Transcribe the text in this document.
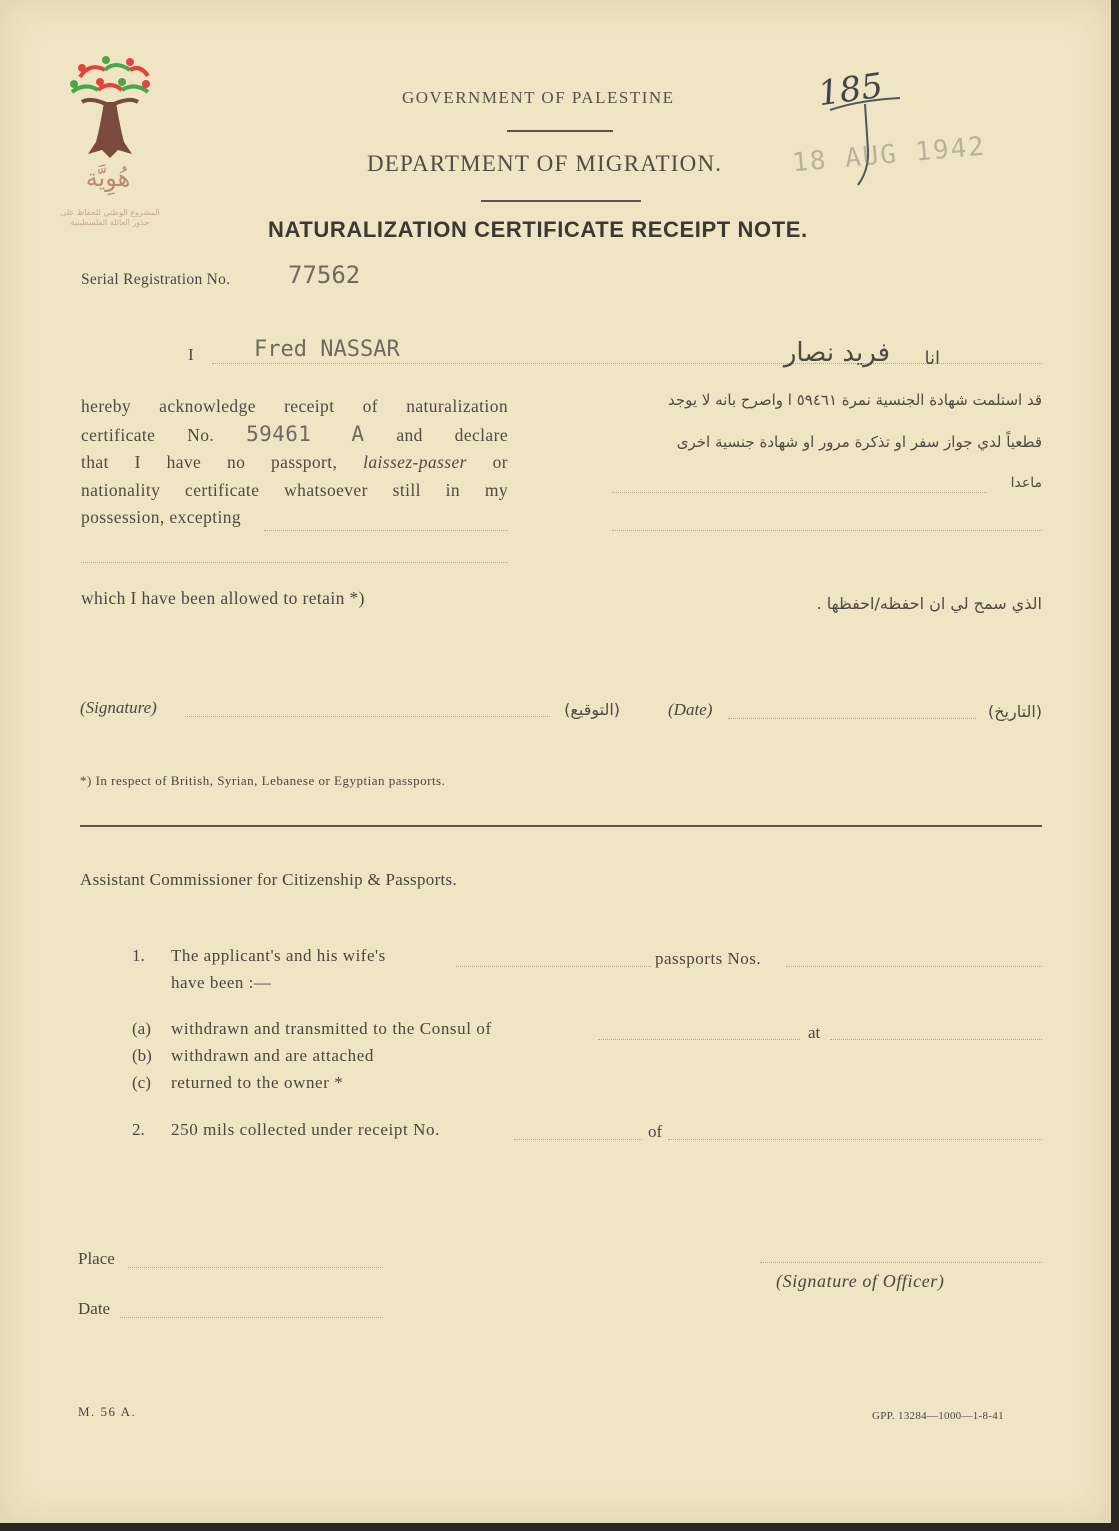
هُوِيَّة
المشروع الوطني للحفاظ على
جذور العائلة الفلسطينية
GOVERNMENT OF PALESTINE
DEPARTMENT OF MIGRATION.
NATURALIZATION CERTIFICATE RECEIPT NOTE.
185
18 AUG 1942
Serial Registration No. 77562
I	Fred NASSAR
hereby acknowledge receipt of naturalization
certificate No. 59461 A and declare
that I have no passport, laissez-passer or
nationality certificate whatsoever still in my
possession, excepting
انا
فريد نصار
قد استلمت شهادة الجنسية نمرة ٥٩٤٦١ ا واصرح بانه لا يوجد
قطعياً لدي جواز سفر او تذكرة مرور او شهادة جنسية اخرى
ماعدا
which I have been allowed to retain *)	الذي سمح لي ان احفظه/احفظها .
(Signature)	(التوقيع)	(Date)	(التاريخ)
*) In respect of British, Syrian, Lebanese or Egyptian passports.
Assistant Commissioner for Citizenship & Passports.
1. The applicant's and his wife's	passports Nos.
have been :—
(a) withdrawn and transmitted to the Consul of	at
(b) withdrawn and are attached
(c) returned to the owner *
2. 250 mils collected under receipt No.	of
Place
(Signature of Officer)
Date
M. 56 A.	GPP. 13284—1000—1-8-41
